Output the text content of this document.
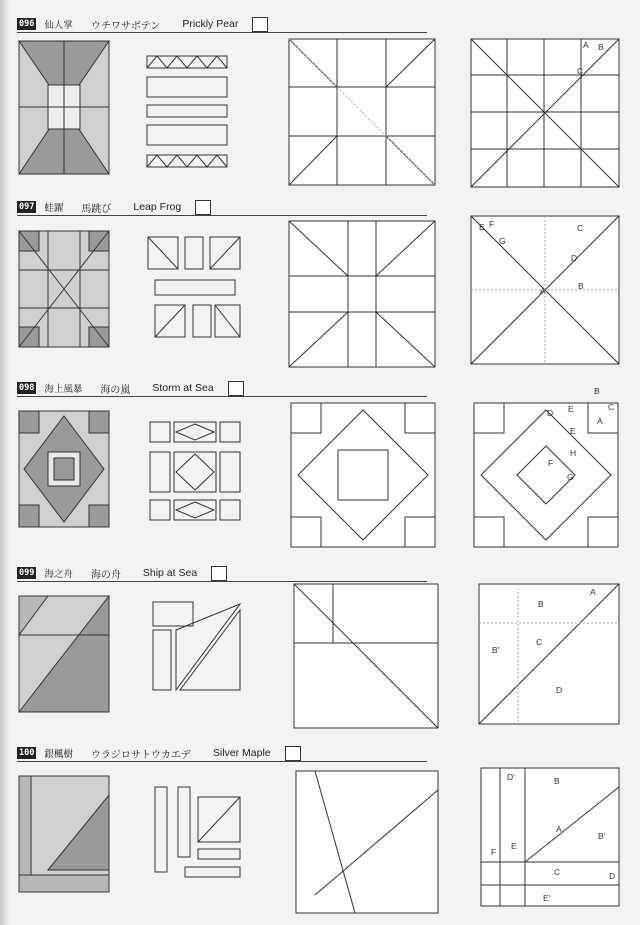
096 仙人掌 ウチワサボテン Prickly Pear
A B
C
097 蛙躍 馬跳び Leap Frog
E F
G
C
D
A	B
098 海上風暴 海の嵐 Storm at Sea	B
D E	C
A
E
H
F
G
099 海之舟 海の舟 Ship at Sea
A
B
B'
C
D
100 銀楓樹 ウラジロサトウカエデ Silver Maple
D'	B
A
B'
F
E
C	D
E'
